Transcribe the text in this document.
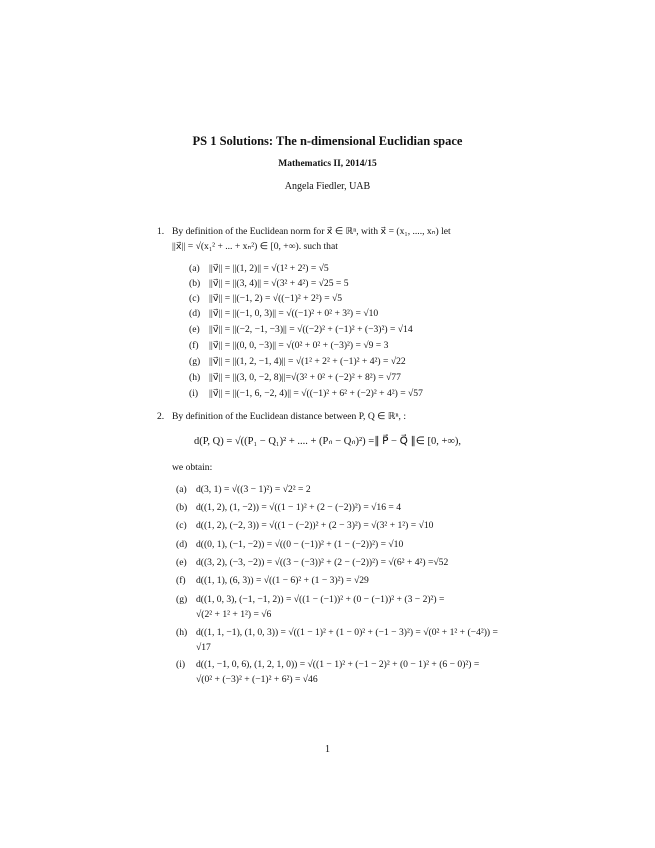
PS 1 Solutions: The n-dimensional Euclidian space
Mathematics II, 2014/15
Angela Fiedler, UAB
1. By definition of the Euclidean norm for x⃗ ∈ ℝⁿ, with x⃗ = (x₁, ...., xₙ) let
||x⃗|| = √(x₁² + ... + xₙ²) ∈ [0, +∞). such that
(a) ||v⃗|| = ||(1, 2)|| = √(1² + 2²) = √5
(b) ||v⃗|| = ||(3, 4)|| = √(3² + 4²) = √25 = 5
(c) ||v⃗|| = ||(−1, 2) = √((−1)² + 2²) = √5
(d) ||v⃗|| = ||(−1, 0, 3)|| = √((−1)² + 0² + 3²) = √10
(e) ||v⃗|| = ||(−2, −1, −3)|| = √((−2)² + (−1)² + (−3)²) = √14
(f) ||v⃗|| = ||(0, 0, −3)|| = √(0² + 0² + (−3)²) = √9 = 3
(g) ||v⃗|| = ||(1, 2, −1, 4)|| = √(1² + 2² + (−1)² + 4²) = √22
(h) ||v⃗|| = ||(3, 0, −2, 8)||=√(3² + 0² + (−2)² + 8²) = √77
(i) ||v⃗|| = ||(−1, 6, −2, 4)|| = √((−1)² + 6² + (−2)² + 4²) = √57
2. By definition of the Euclidean distance between P, Q ∈ ℝⁿ, :
d(P, Q) = √((P₁ − Q₁)² + .... + (Pₙ − Qₙ)²) =∥ P⃗ − Q⃗ ∥∈ [0, +∞),
we obtain:
(a) d(3, 1) = √((3 − 1)²) = √2² = 2
(b) d((1, 2), (1, −2)) = √((1 − 1)² + (2 − (−2))²) = √16 = 4
(c) d((1, 2), (−2, 3)) = √((1 − (−2))² + (2 − 3)²) = √(3² + 1²) = √10
(d) d((0, 1), (−1, −2)) = √((0 − (−1))² + (1 − (−2))²) = √10
(e) d((3, 2), (−3, −2)) = √((3 − (−3))² + (2 − (−2))²) = √(6² + 4²) =√52
(f) d((1, 1), (6, 3)) = √((1 − 6)² + (1 − 3)²) = √29
(g) d((1, 0, 3), (−1, −1, 2)) = √((1 − (−1))² + (0 − (−1))² + (3 − 2)²) =
√(2² + 1² + 1²) = √6
(h) d((1, 1, −1), (1, 0, 3)) = √((1 − 1)² + (1 − 0)² + (−1 − 3)²) = √(0² + 1² + (−4²)) =
√17
(i) d((1, −1, 0, 6), (1, 2, 1, 0)) = √((1 − 1)² + (−1 − 2)² + (0 − 1)² + (6 − 0)²) =
√(0² + (−3)² + (−1)² + 6²) = √46
1
